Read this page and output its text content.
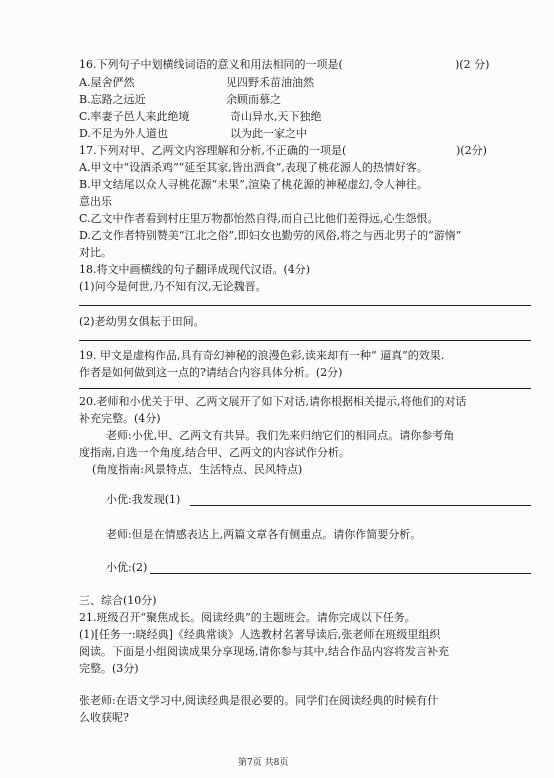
16.下列句子中划横线词语的意义和用法相同的一项是(	)(2 分)
A.屋舍俨然	见四野禾苗油油然
B.忘路之远近	余顾而慕之
C.率妻子邑人来此绝境	奇山异水,天下独绝
D.不足为外人道也	以为此一家之中
17.下列对甲、乙两文内容理解和分析,不正确的一项是(	)(2分)
A.甲文中“设酒杀鸡”“延至其家,皆出酒食”,表现了桃花源人的热情好客。
B.甲文结尾以众人寻桃花源“未果”,渲染了桃花源的神秘虚幻,令人神往。
意出乐
C.乙文中作者看到村庄里万物都怡然自得,而自己比他们差得远,心生怨恨。
D.乙文作者特别赞美“江北之俗”,即妇女也勤劳的风俗,将之与西北男子的“游惰”
对比。
18.将文中画横线的句子翻译成现代汉语。(4分)
(1)问今是何世,乃不知有汉,无论魏晋。
(2)老幼男女俱耘于田间。
19. 甲文是虚构作品,具有奇幻神秘的浪漫色彩,读来却有一种“ 逼真”的效果.
作者是如何做到这一点的?请结合内容具体分析。(2分)
20.老师和小优关于甲、乙两文展开了如下对话,请你根据相关提示,将他们的对话
补充完整。(4分)
老师:小优,甲、乙两文有共异。我们先来归纳它们的相同点。请你参考角
度指南,自选一个角度,结合甲、乙两文的内容试作分析。
(角度指南:风景特点、生活特点、民风特点)
小优:我发现(1)
老师:但是在情感表达上,两篇文章各有侧重点。请你作简要分析。
小优:(2)
三、综合(10分)
21.班级召开“聚焦成长。阅读经典”的主题班会。请你完成以下任务。
(1)[任务一:晓经典]《经典常谈》人选教材名著导读后,张老师在班级里组织
阅读。下面是小组阅读成果分享现场,请你参与其中,结合作品内容将发言补充
完整。(3分)
张老师:在语文学习中,阅读经典是很必要的。同学们在阅读经典的时候有什
么收获呢?
第7页 共8页
